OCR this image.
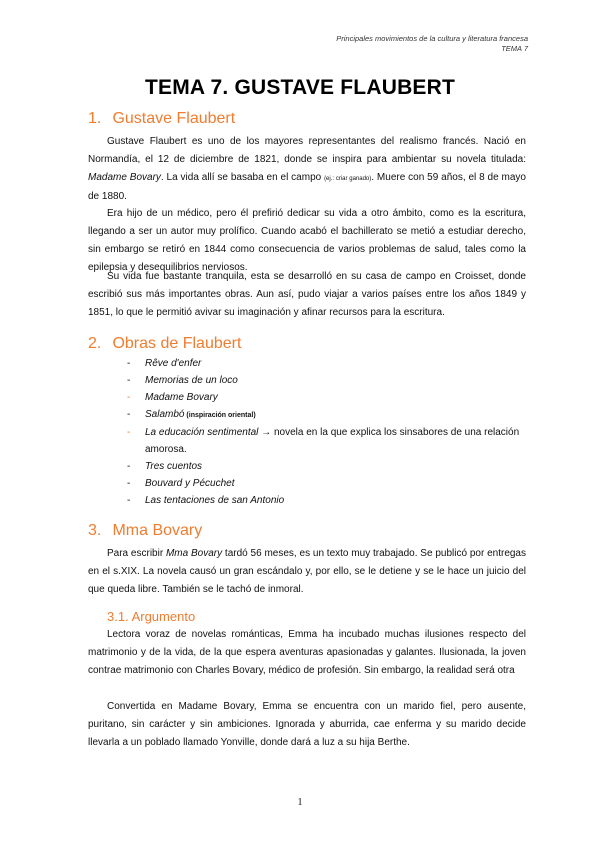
Principales movimientos de la cultura y literatura francesa
TEMA 7
TEMA 7. GUSTAVE FLAUBERT
1. Gustave Flaubert

Gustave Flaubert es uno de los mayores representantes del realismo francés. Nació en Normandía, el 12 de diciembre de 1821, donde se inspira para ambientar su novela titulada: Madame Bovary. La vida allí se basaba en el campo (ej.: criar ganado). Muere con 59 años, el 8 de mayo de 1880.

Era hijo de un médico, pero él prefirió dedicar su vida a otro ámbito, como es la escritura, llegando a ser un autor muy prolífico. Cuando acabó el bachillerato se metió a estudiar derecho, sin embargo se retiró en 1844 como consecuencia de varios problemas de salud, tales como la epilepsia y desequilibrios nerviosos.

Su vida fue bastante tranquila, esta se desarrolló en su casa de campo en Croisset, donde escribió sus más importantes obras. Aun así, pudo viajar a varios países entre los años 1849 y 1851, lo que le permitió avivar su imaginación y afinar recursos para la escritura.

2. Obras de Flaubert
- Rêve d'enfer
- Memorias de un loco
- Madame Bovary
- Salambó (inspiración oriental)
- La educación sentimental → novela en la que explica los sinsabores de una relación amorosa.
- Tres cuentos
- Bouvard y Pécuchet
- Las tentaciones de san Antonio
3. Mma Bovary

Para escribir Mma Bovary tardó 56 meses, es un texto muy trabajado. Se publicó por entregas en el s.XIX. La novela causó un gran escándalo y, por ello, se le detiene y se le hace un juicio del que queda libre. También se le tachó de inmoral.

3.1. Argumento

Lectora voraz de novelas románticas, Emma ha incubado muchas ilusiones respecto del matrimonio y de la vida, de la que espera aventuras apasionadas y galantes. Ilusionada, la joven contrae matrimonio con Charles Bovary, médico de profesión. Sin embargo, la realidad será otra

Convertida en Madame Bovary, Emma se encuentra con un marido fiel, pero ausente, puritano, sin carácter y sin ambiciones. Ignorada y aburrida, cae enferma y su marido decide llevarla a un poblado llamado Yonville, donde dará a luz a su hija Berthe.

1
